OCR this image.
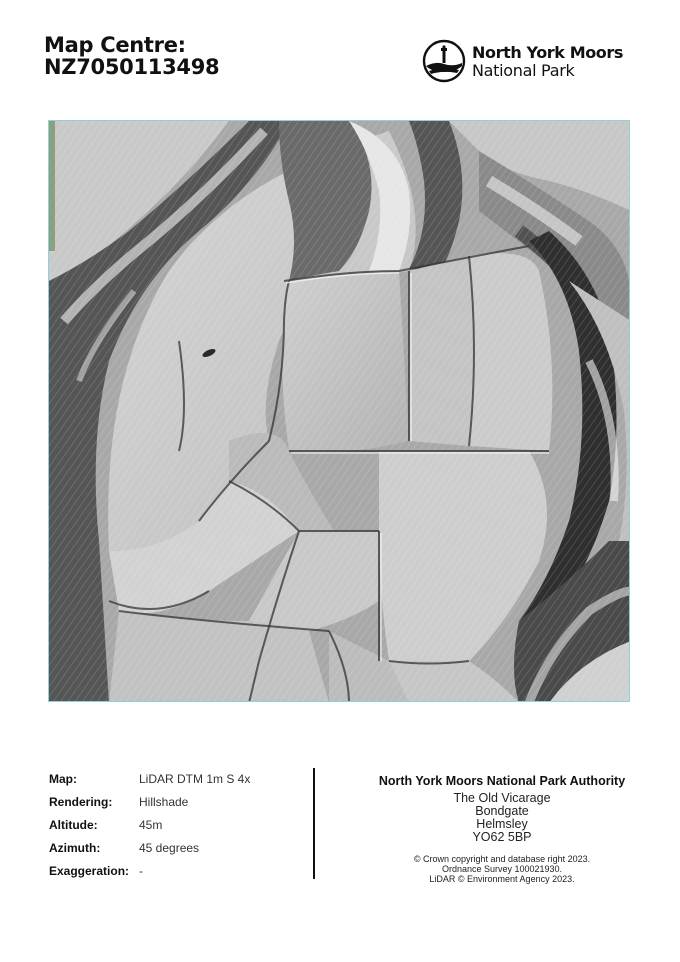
Map Centre:
NZ7050113498
North York Moors
National Park
Map:	LiDAR DTM 1m S 4x
Rendering: Hillshade
Altitude:	45m
Azimuth:	45 degrees
Exaggeration: -
North York Moors National Park Authority
The Old Vicarage
Bondgate
Helmsley
YO62 5BP
© Crown copyright and database right 2023.
Ordnance Survey 100021930.
LiDAR © Environment Agency 2023.
